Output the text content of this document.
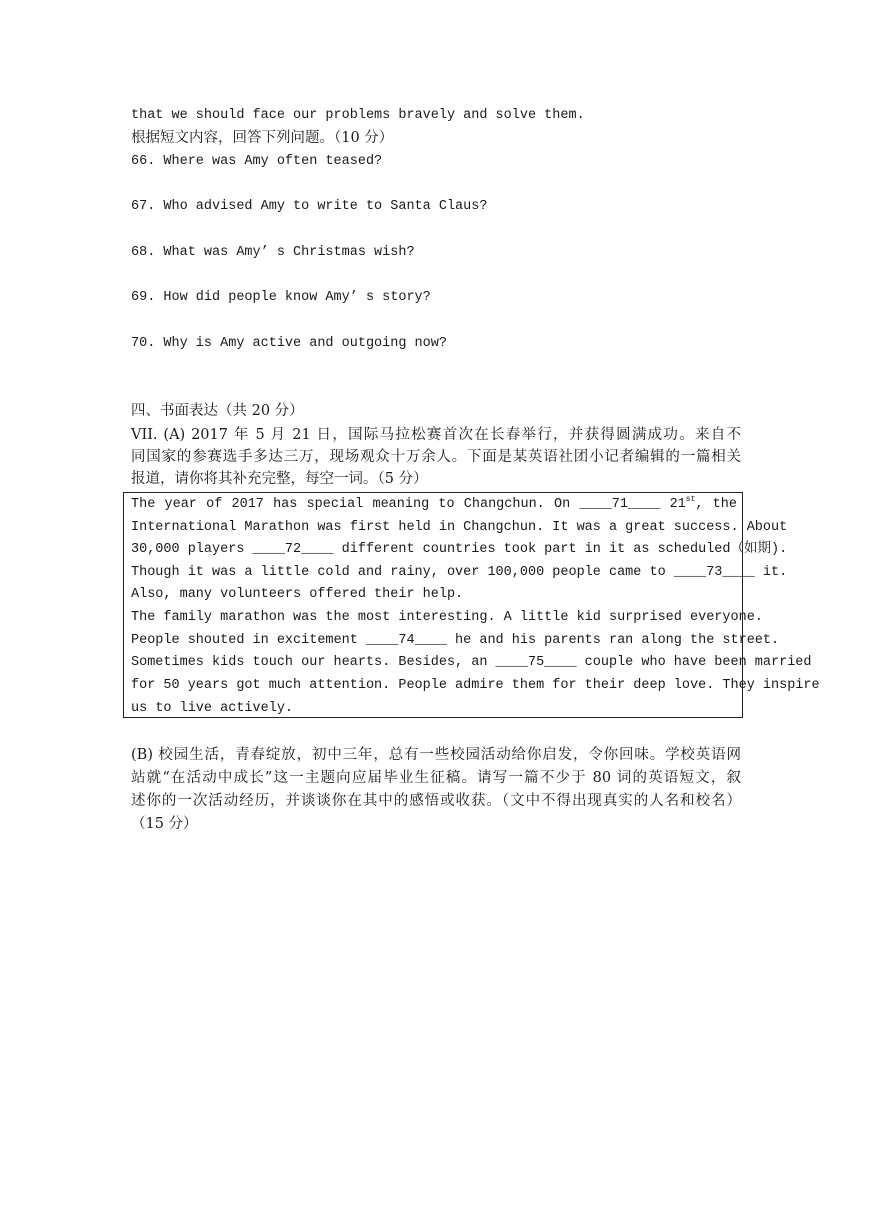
that we should face our problems bravely and solve them.
根据短文内容，回答下列问题。（10 分）
66. Where was Amy often teased?
67. Who advised Amy to write to Santa Claus?
68. What was Amy’ s Christmas wish?
69. How did people know Amy’ s story?
70. Why is Amy active and outgoing now?
四、书面表达（共 20 分）
VII. (A) 2017 年 5 月 21 日，国际马拉松赛首次在长春举行，并获得圆满成功。来自不
同国家的参赛选手多达三万，现场观众十万余人。下面是某英语社团小记者编辑的一篇相关
报道，请你将其补充完整，每空一词。（5 分）
The year of 2017 has special meaning to Changchun. On ____71____ 21st, the
International Marathon was first held in Changchun. It was a great success. About
30,000 players ____72____ different countries took part in it as scheduled（如期).
Though it was a little cold and rainy, over 100,000 people came to ____73____ it.
Also, many volunteers offered their help.
The family marathon was the most interesting. A little kid surprised everyone.
People shouted in excitement ____74____ he and his parents ran along the street.
Sometimes kids touch our hearts. Besides, an ____75____ couple who have been married
for 50 years got much attention. People admire them for their deep love. They inspire
us to live actively.
(B) 校园生活，青春绽放，初中三年，总有一些校园活动给你启发，令你回味。学校英语网
站就“在活动中成长”这一主题向应届毕业生征稿。请写一篇不少于 80 词的英语短文，叙
述你的一次活动经历，并谈谈你在其中的感悟或收获。（文中不得出现真实的人名和校名）
（15 分）
